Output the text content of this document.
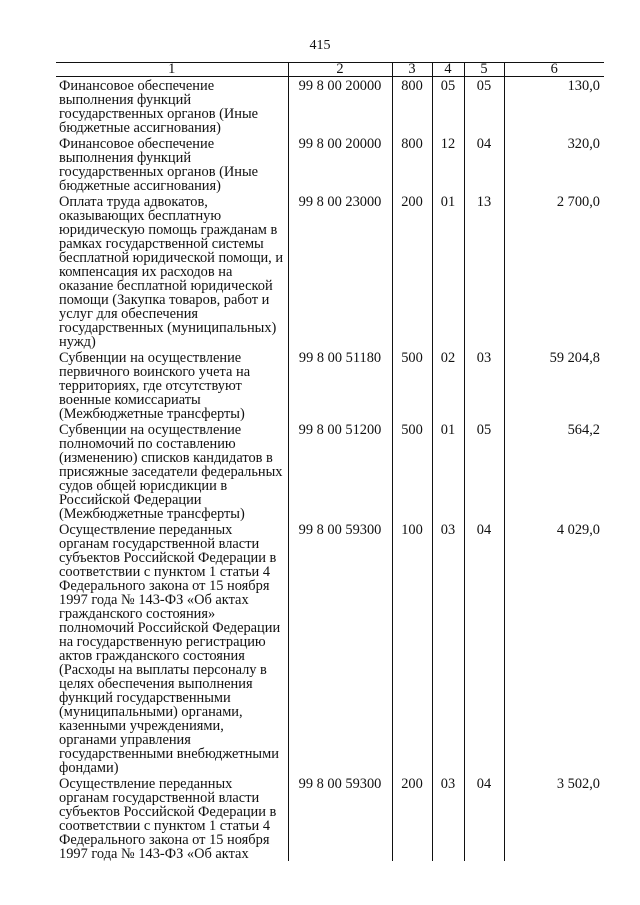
415
1	2	3	4	5	6
Финансовое обеспечение выполнения функций государственных органов (Иные бюджетные ассигнования)	99 8 00 20000	800	05	05	130,0
Финансовое обеспечение выполнения функций государственных органов (Иные бюджетные ассигнования)	99 8 00 20000	800	12	04	320,0
Оплата труда адвокатов, оказывающих бесплатную юридическую помощь гражданам в рамках государственной системы бесплатной юридической помощи, и компенсация их расходов на оказание бесплатной юридической помощи (Закупка товаров, работ и услуг для обеспечения государственных (муниципальных) нужд)	99 8 00 23000	200	01	13	2 700,0
Субвенции на осуществление первичного воинского учета на территориях, где отсутствуют военные комиссариаты (Межбюджетные трансферты)	99 8 00 51180	500	02	03	59 204,8
Субвенции на осуществление полномочий по составлению (изменению) списков кандидатов в присяжные заседатели федеральных судов общей юрисдикции в Российской Федерации (Межбюджетные трансферты)	99 8 00 51200	500	01	05	564,2
Осуществление переданных органам государственной власти субъектов Российской Федерации в соответствии с пунктом 1 статьи 4 Федерального закона от 15 ноября 1997 года № 143-ФЗ «Об актах гражданского состояния» полномочий Российской Федерации на государственную регистрацию актов гражданского состояния (Расходы на выплаты персоналу в целях обеспечения выполнения функций государственными (муниципальными) органами, казенными учреждениями, органами управления государственными внебюджетными фондами)	99 8 00 59300	100	03	04	4 029,0
Осуществление переданных органам государственной власти субъектов Российской Федерации в соответствии с пунктом 1 статьи 4 Федерального закона от 15 ноября 1997 года № 143-ФЗ «Об актах	99 8 00 59300	200	03	04	3 502,0
